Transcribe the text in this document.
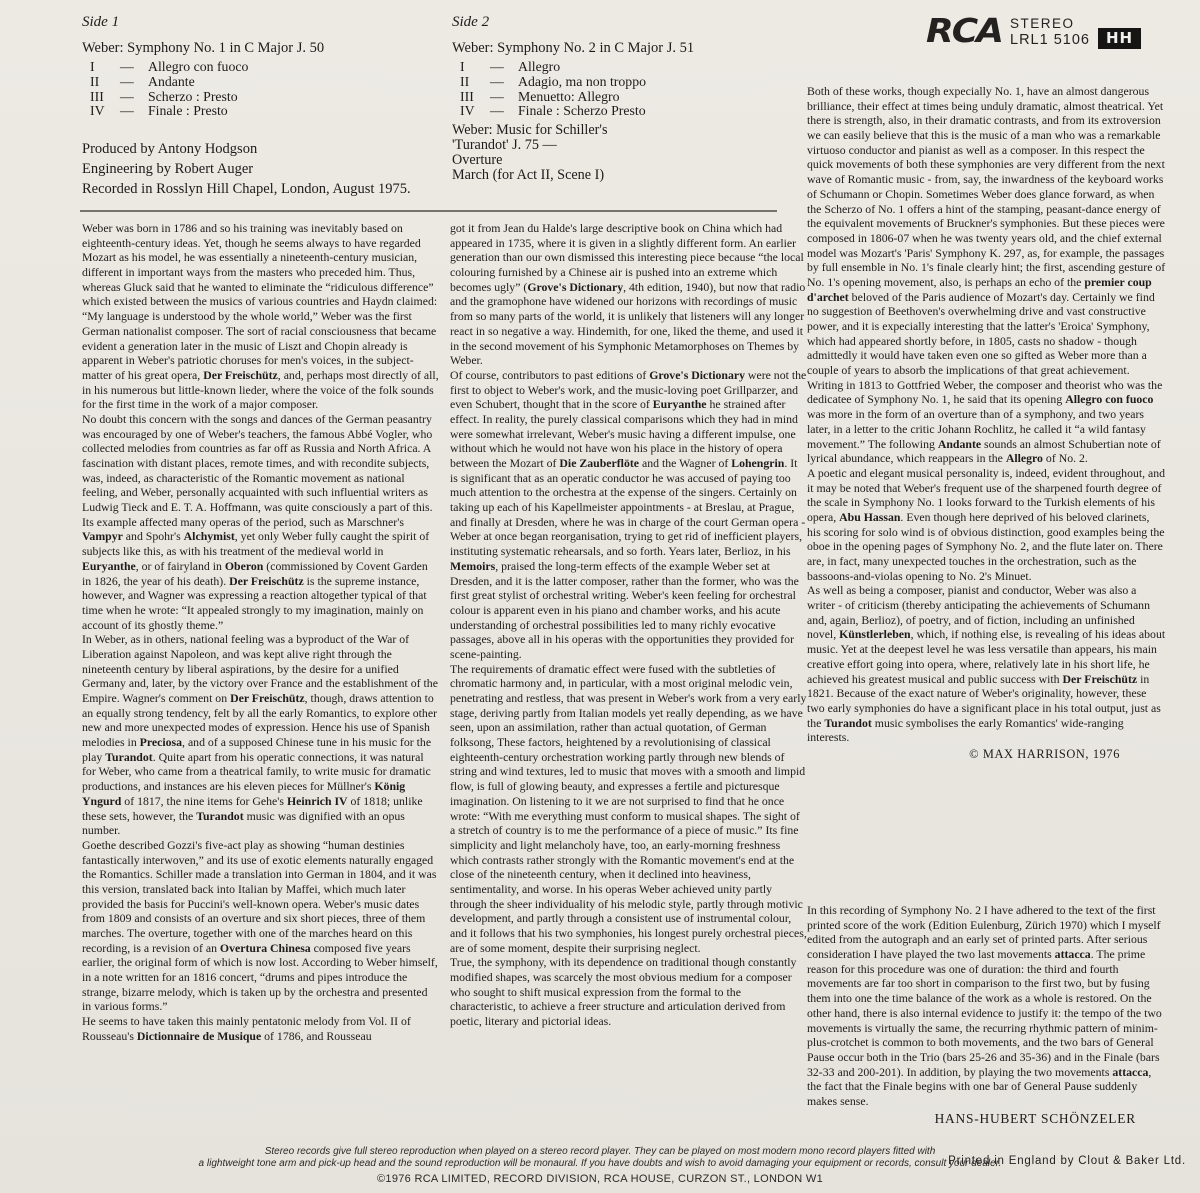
Side 1
Weber: Symphony No. 1 in C Major J. 50
I	—	Allegro con fuoco
II	—	Andante
III	—	Scherzo : Presto
IV	—	Finale : Presto
Produced by Antony Hodgson
Engineering by Robert Auger
Recorded in Rosslyn Hill Chapel, London, August 1975.
Side 2
Weber: Symphony No. 2 in C Major J. 51
I	—	Allegro
II	—	Adagio, ma non troppo
III	—	Menuetto: Allegro
IV	—	Finale : Scherzo Presto
Weber: Music for Schiller's
'Turandot' J. 75 —
Overture
March (for Act II, Scene I)
RCA STEREO
LRL1 5106	HH

Weber was born in 1786 and so his training was inevitably based on eighteenth-century ideas. Yet, though he seems always to have regarded Mozart as his model, he was essentially a nineteenth-century musician, different in important ways from the masters who preceded him. Thus, whereas Gluck said that he wanted to eliminate the “ridiculous difference” which existed between the musics of various countries and Haydn claimed: “My language is understood by the whole world,” Weber was the first German nationalist composer. The sort of racial consciousness that became evident a generation later in the music of Liszt and Chopin already is apparent in Weber's patriotic choruses for men's voices, in the subject-matter of his great opera, Der Freischütz, and, perhaps most directly of all, in his numerous but little-known lieder, where the voice of the folk sounds for the first time in the work of a major composer.

No doubt this concern with the songs and dances of the German peasantry was encouraged by one of Weber's teachers, the famous Abbé Vogler, who collected melodies from countries as far off as Russia and North Africa. A fascination with distant places, remote times, and with recondite subjects, was, indeed, as characteristic of the Romantic movement as national feeling, and Weber, personally acquainted with such influential writers as Ludwig Tieck and E. T. A. Hoffmann, was quite consciously a part of this. Its example affected many operas of the period, such as Marschner's Vampyr and Spohr's Alchymist, yet only Weber fully caught the spirit of subjects like this, as with his treatment of the medieval world in Euryanthe, or of fairyland in Oberon (commissioned by Covent Garden in 1826, the year of his death). Der Freischütz is the supreme instance, however, and Wagner was expressing a reaction altogether typical of that time when he wrote: “It appealed strongly to my imagination, mainly on account of its ghostly theme.”

In Weber, as in others, national feeling was a byproduct of the War of Liberation against Napoleon, and was kept alive right through the nineteenth century by liberal aspirations, by the desire for a unified Germany and, later, by the victory over France and the establishment of the Empire. Wagner's comment on Der Freischütz, though, draws attention to an equally strong tendency, felt by all the early Romantics, to explore other new and more unexpected modes of expression. Hence his use of Spanish melodies in Preciosa, and of a supposed Chinese tune in his music for the play Turandot. Quite apart from his operatic connections, it was natural for Weber, who came from a theatrical family, to write music for dramatic productions, and instances are his eleven pieces for Müllner's König Yngurd of 1817, the nine items for Gehe's Heinrich IV of 1818; unlike these sets, however, the Turandot music was dignified with an opus number.

Goethe described Gozzi's five-act play as showing “human destinies fantastically interwoven,” and its use of exotic elements naturally engaged the Romantics. Schiller made a translation into German in 1804, and it was this version, translated back into Italian by Maffei, which much later provided the basis for Puccini's well-known opera. Weber's music dates from 1809 and consists of an overture and six short pieces, three of them marches. The overture, together with one of the marches heard on this recording, is a revision of an Overtura Chinesa composed five years earlier, the original form of which is now lost. According to Weber himself, in a note written for an 1816 concert, “drums and pipes introduce the strange, bizarre melody, which is taken up by the orchestra and presented in various forms.”

He seems to have taken this mainly pentatonic melody from Vol. II of Rousseau's Dictionnaire de Musique of 1786, and Rousseau

got it from Jean du Halde's large descriptive book on China which had appeared in 1735, where it is given in a slightly different form. An earlier generation than our own dismissed this interesting piece because “the local colouring furnished by a Chinese air is pushed into an extreme which becomes ugly” (Grove's Dictionary, 4th edition, 1940), but now that radio and the gramophone have widened our horizons with recordings of music from so many parts of the world, it is unlikely that listeners will any longer react in so negative a way. Hindemith, for one, liked the theme, and used it in the second movement of his Symphonic Metamorphoses on Themes by Weber.

Of course, contributors to past editions of Grove's Dictionary were not the first to object to Weber's work, and the music-loving poet Grillparzer, and even Schubert, thought that in the score of Euryanthe he strained after effect. In reality, the purely classical comparisons which they had in mind were somewhat irrelevant, Weber's music having a different impulse, one without which he would not have won his place in the history of opera between the Mozart of Die Zauberflöte and the Wagner of Lohengrin. It is significant that as an operatic conductor he was accused of paying too much attention to the orchestra at the expense of the singers. Certainly on taking up each of his Kapellmeister appointments - at Breslau, at Prague, and finally at Dresden, where he was in charge of the court German opera - Weber at once began reorganisation, trying to get rid of inefficient players, instituting systematic rehearsals, and so forth. Years later, Berlioz, in his Memoirs, praised the long-term effects of the example Weber set at Dresden, and it is the latter composer, rather than the former, who was the first great stylist of orchestral writing. Weber's keen feeling for orchestral colour is apparent even in his piano and chamber works, and his acute understanding of orchestral possibilities led to many richly evocative passages, above all in his operas with the opportunities they provided for scene-painting.

The requirements of dramatic effect were fused with the subtleties of chromatic harmony and, in particular, with a most original melodic vein, penetrating and restless, that was present in Weber's work from a very early stage, deriving partly from Italian models yet really depending, as we have seen, upon an assimilation, rather than actual quotation, of German folksong, These factors, heightened by a revolutionising of classical eighteenth-century orchestration working partly through new blends of string and wind textures, led to music that moves with a smooth and limpid flow, is full of glowing beauty, and expresses a fertile and picturesque imagination. On listening to it we are not surprised to find that he once wrote: “With me everything must conform to musical shapes. The sight of a stretch of country is to me the performance of a piece of music.” Its fine simplicity and light melancholy have, too, an early-morning freshness which contrasts rather strongly with the Romantic movement's end at the close of the nineteenth century, when it declined into heaviness, sentimentality, and worse. In his operas Weber achieved unity partly through the sheer individuality of his melodic style, partly through motivic development, and partly through a consistent use of instrumental colour, and it follows that his two symphonies, his longest purely orchestral pieces, are of some moment, despite their surprising neglect.

True, the symphony, with its dependence on traditional though constantly modified shapes, was scarcely the most obvious medium for a composer who sought to shift musical expression from the formal to the characteristic, to achieve a freer structure and articulation derived from poetic, literary and pictorial ideas.

Both of these works, though expecially No. 1, have an almost dangerous brilliance, their effect at times being unduly dramatic, almost theatrical. Yet there is strength, also, in their dramatic contrasts, and from its extroversion we can easily believe that this is the music of a man who was a remarkable virtuoso conductor and pianist as well as a composer. In this respect the quick movements of both these symphonies are very different from the next wave of Romantic music - from, say, the inwardness of the keyboard works of Schumann or Chopin. Sometimes Weber does glance forward, as when the Scherzo of No. 1 offers a hint of the stamping, peasant-dance energy of the equivalent movements of Bruckner's symphonies. But these pieces were composed in 1806-07 when he was twenty years old, and the chief external model was Mozart's 'Paris' Symphony K. 297, as, for example, the passages by full ensemble in No. 1's finale clearly hint; the first, ascending gesture of No. 1's opening movement, also, is perhaps an echo of the premier coup d'archet beloved of the Paris audience of Mozart's day. Certainly we find no suggestion of Beethoven's overwhelming drive and vast constructive power, and it is expecially interesting that the latter's 'Eroica' Symphony, which had appeared shortly before, in 1805, casts no shadow - though admittedly it would have taken even one so gifted as Weber more than a couple of years to absorb the implications of that great achievement. Writing in 1813 to Gottfried Weber, the composer and theorist who was the dedicatee of Symphony No. 1, he said that its opening Allegro con fuoco was more in the form of an overture than of a symphony, and two years later, in a letter to the critic Johann Rochlitz, he called it “a wild fantasy movement.” The following Andante sounds an almost Schubertian note of lyrical abundance, which reappears in the Allegro of No. 2.

A poetic and elegant musical personality is, indeed, evident throughout, and it may be noted that Weber's frequent use of the sharpened fourth degree of the scale in Symphony No. 1 looks forward to the Turkish elements of his opera, Abu Hassan. Even though here deprived of his beloved clarinets, his scoring for solo wind is of obvious distinction, good examples being the oboe in the opening pages of Symphony No. 2, and the flute later on. There are, in fact, many unexpected touches in the orchestration, such as the bassoons-and-violas opening to No. 2's Minuet.

As well as being a composer, pianist and conductor, Weber was also a writer - of criticism (thereby anticipating the achievements of Schumann and, again, Berlioz), of poetry, and of fiction, including an unfinished novel, Künstlerleben, which, if nothing else, is revealing of his ideas about music. Yet at the deepest level he was less versatile than appears, his main creative effort going into opera, where, relatively late in his short life, he achieved his greatest musical and public success with Der Freischütz in 1821. Because of the exact nature of Weber's originality, however, these two early symphonies do have a significant place in his total output, just as the Turandot music symbolises the early Romantics' wide-ranging interests.

© MAX HARRISON, 1976

In this recording of Symphony No. 2 I have adhered to the text of the first printed score of the work (Edition Eulenburg, Zürich 1970) which I myself edited from the autograph and an early set of printed parts. After serious consideration I have played the two last movements attacca. The prime reason for this procedure was one of duration: the third and fourth movements are far too short in comparison to the first two, but by fusing them into one the time balance of the work as a whole is restored. On the other hand, there is also internal evidence to justify it: the tempo of the two movements is virtually the same, the recurring rhythmic pattern of minim-plus-crotchet is common to both movements, and the two bars of General Pause occur both in the Trio (bars 25-26 and 35-36) and in the Finale (bars 32-33 and 200-201). In addition, by playing the two movements attacca, the fact that the Finale begins with one bar of General Pause suddenly makes sense.

HANS-HUBERT SCHÖNZELER
Stereo records give full stereo reproduction when played on a stereo record player. They can be played on most modern mono record players fitted with
a lightweight tone arm and pick-up head and the sound reproduction will be monaural. If you have doubts and wish to avoid damaging your equipment or records, consult your dealer.
©1976 RCA LIMITED, RECORD DIVISION, RCA HOUSE, CURZON ST., LONDON W1
Printed in England by Clout & Baker Ltd.
